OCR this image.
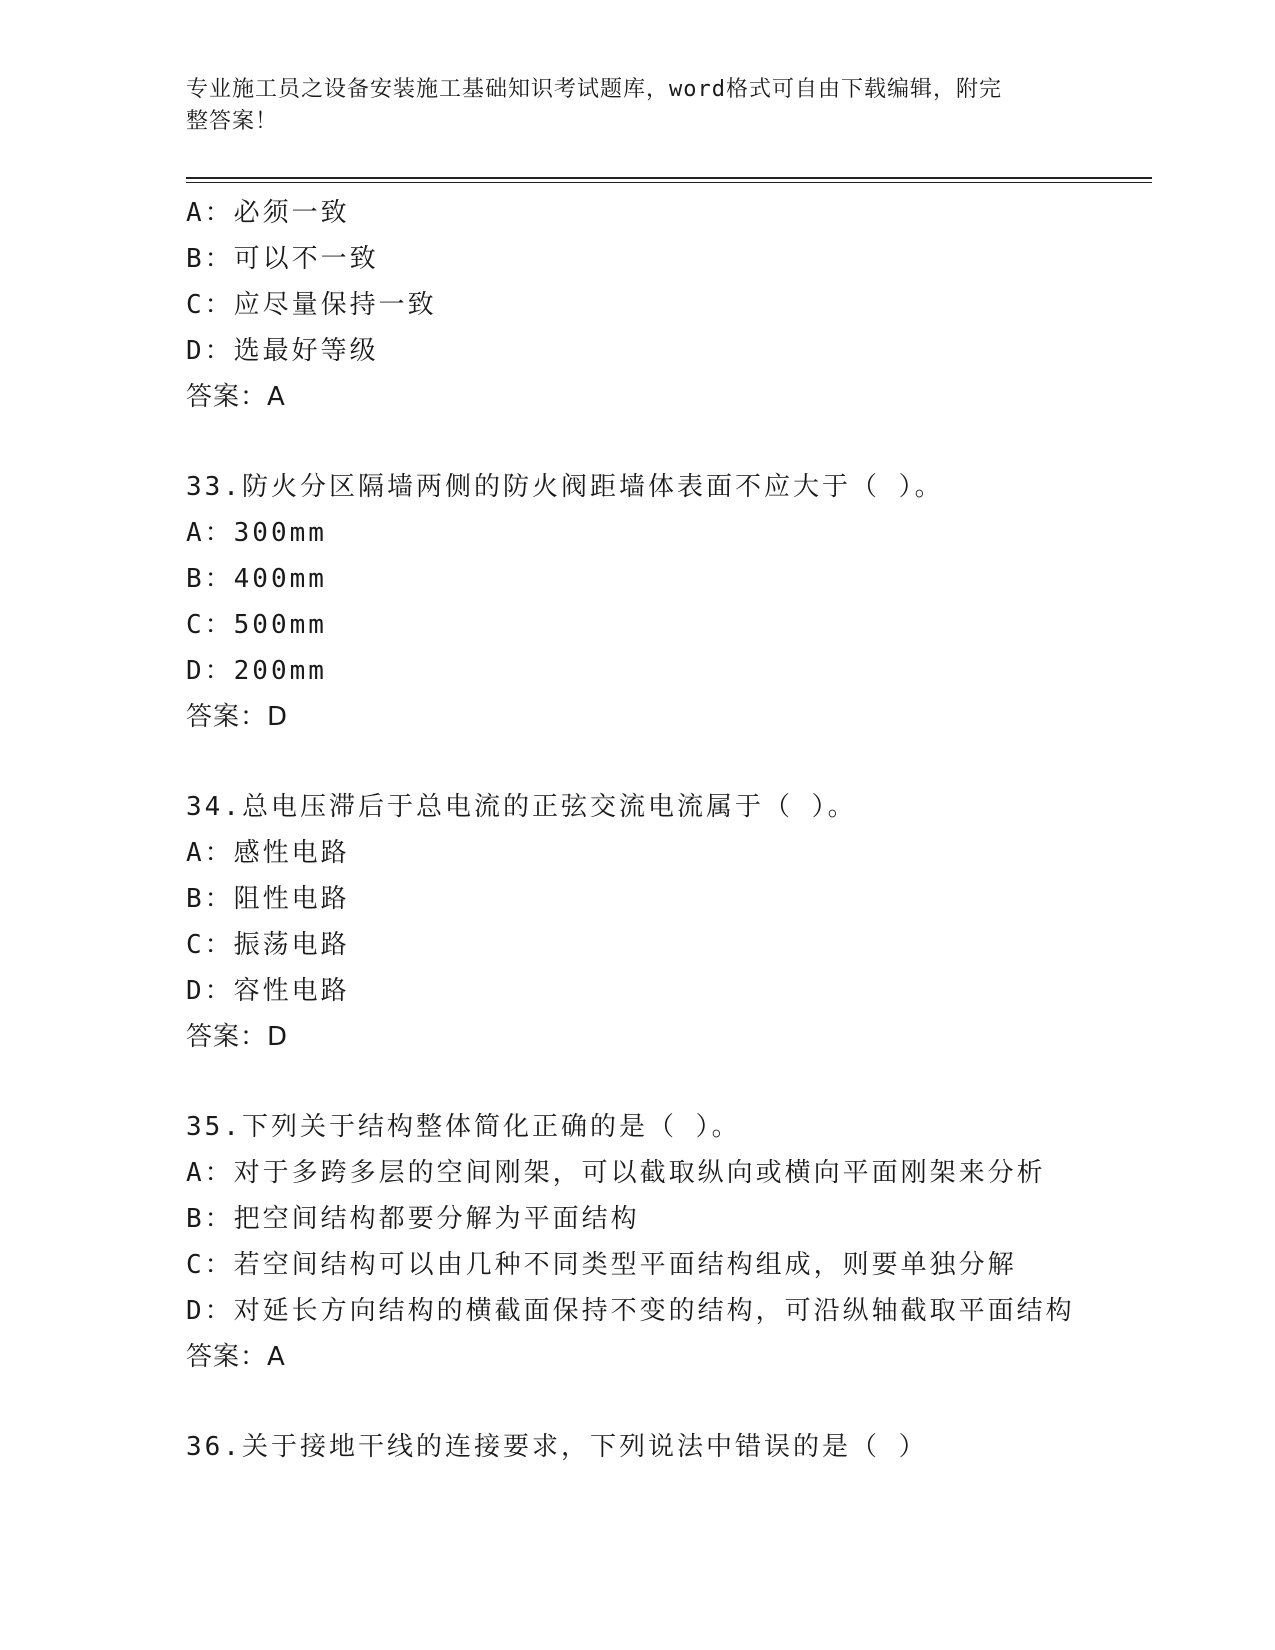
专业施工员之设备安装施工基础知识考试题库，word格式可自由下载编辑，附完
整答案！
A：必须一致
B：可以不一致
C：应尽量保持一致
D：选最好等级
答案：A
33.防火分区隔墙两侧的防火阀距墙体表面不应大于（ ）。
A：300mm
B：400mm
C：500mm
D：200mm
答案：D
34.总电压滞后于总电流的正弦交流电流属于（ ）。
A：感性电路
B：阻性电路
C：振荡电路
D：容性电路
答案：D
35.下列关于结构整体简化正确的是（ ）。
A：对于多跨多层的空间刚架，可以截取纵向或横向平面刚架来分析
B：把空间结构都要分解为平面结构
C：若空间结构可以由几种不同类型平面结构组成，则要单独分解
D：对延长方向结构的横截面保持不变的结构，可沿纵轴截取平面结构
答案：A
36.关于接地干线的连接要求，下列说法中错误的是（ ）
